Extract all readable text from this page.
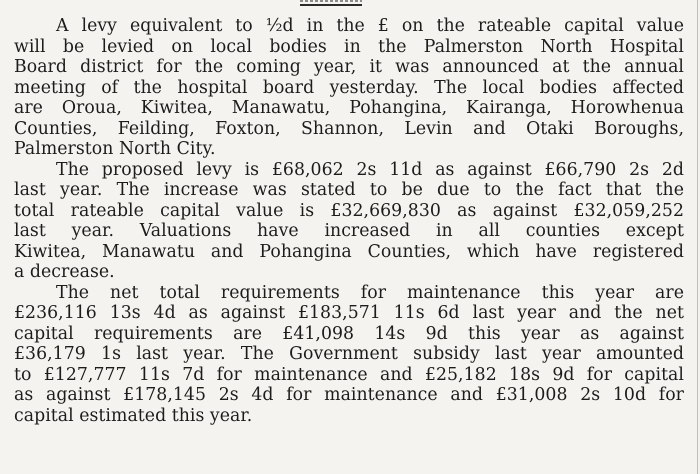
A levy equivalent to ½d in the £ on the rateable capital value
will be levied on local bodies in the Palmerston North Hospital
Board district for the coming year, it was announced at the annual
meeting of the hospital board yesterday. The local bodies affected
are Oroua, Kiwitea, Manawatu, Pohangina, Kairanga, Horowhenua
Counties, Feilding, Foxton, Shannon, Levin and Otaki Boroughs,
Palmerston North City.
The proposed levy is £68,062 2s 11d as against £66,790 2s 2d
last year. The increase was stated to be due to the fact that the
total rateable capital value is £32,669,830 as against £32,059,252
last year. Valuations have increased in all counties except
Kiwitea, Manawatu and Pohangina Counties, which have registered
a decrease.
The net total requirements for maintenance this year are
£236,116 13s 4d as against £183,571 11s 6d last year and the net
capital requirements are £41,098 14s 9d this year as against
£36,179 1s last year. The Government subsidy last year amounted
to £127,777 11s 7d for maintenance and £25,182 18s 9d for capital
as against £178,145 2s 4d for maintenance and £31,008 2s 10d for
capital estimated this year.
